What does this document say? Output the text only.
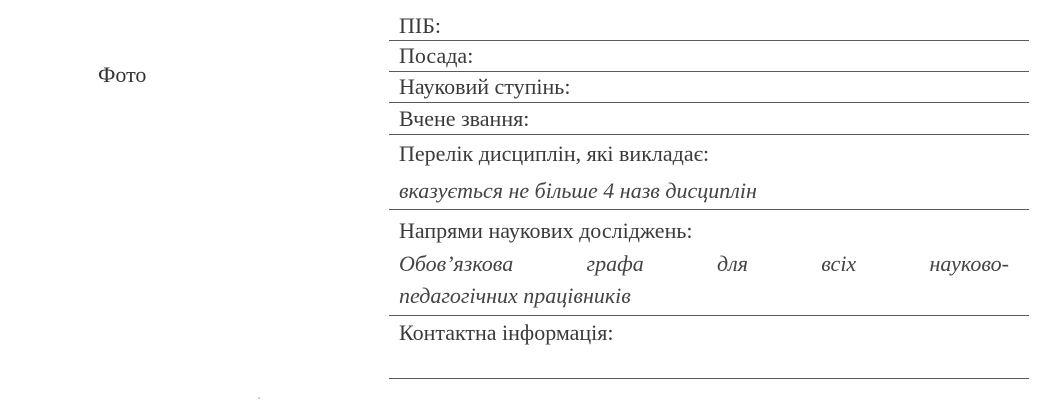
Фото
ПІБ:
Посада:
Науковий ступінь:
Вчене звання:
Перелік дисциплін, які викладає:
вказується не більше 4 назв дисциплін
Напрями наукових досліджень:
Обов’язкова	графа	для	всіх	науково-
педагогічних працівників
Контактна інформація:
